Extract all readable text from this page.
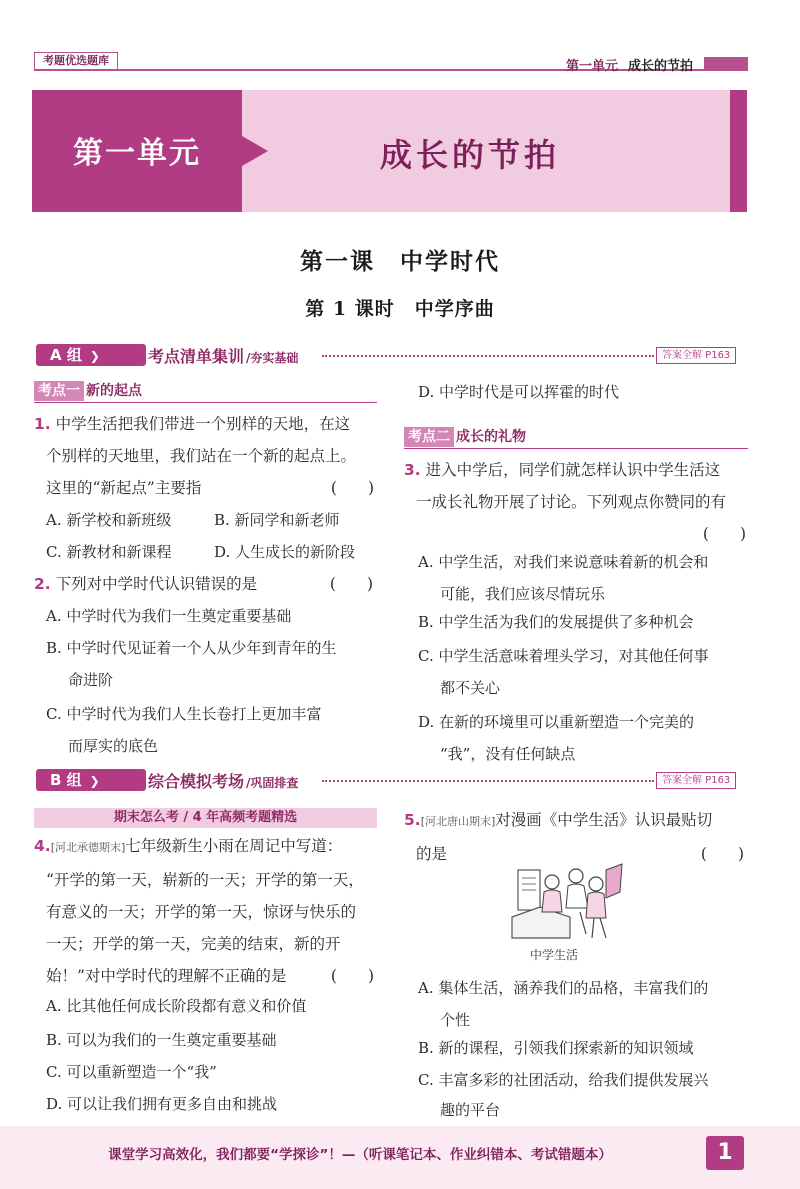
考题优选题库	第一单元 成长的节拍
第一单元	成长的节拍
第一课　中学时代
第 1 课时　中学序曲
A 组 ❯	考点清单集训 /夯实基础	答案全解 P163
考点一 新的起点
1. 中学生活把我们带进一个别样的天地，在这
个别样的天地里，我们站在一个新的起点上。
这里的“新起点”主要指	(　　)
A. 新学校和新班级	B. 新同学和新老师
C. 新教材和新课程	D. 人生成长的新阶段
2. 下列对中学时代认识错误的是	(　　)
A. 中学时代为我们一生奠定重要基础
B. 中学时代见证着一个人从少年到青年的生
命进阶
C. 中学时代为我们人生长卷打上更加丰富
而厚实的底色
D. 中学时代是可以挥霍的时代
考点二 成长的礼物
3. 进入中学后，同学们就怎样认识中学生活这
一成长礼物开展了讨论。下列观点你赞同的有
(　　)
A. 中学生活，对我们来说意味着新的机会和
可能，我们应该尽情玩乐
B. 中学生活为我们的发展提供了多种机会
C. 中学生活意味着埋头学习，对其他任何事
都不关心
D. 在新的环境里可以重新塑造一个完美的
“我”，没有任何缺点
B 组 ❯	综合模拟考场 /巩固排查	答案全解 P163
期末怎么考 / 4 年高频考题精选
4.[河北承德期末]七年级新生小雨在周记中写道：
“开学的第一天，崭新的一天；开学的第一天，
有意义的一天；开学的第一天，惊讶与快乐的
一天；开学的第一天，完美的结束，新的开
始！”对中学时代的理解不正确的是	(　　)
A. 比其他任何成长阶段都有意义和价值
B. 可以为我们的一生奠定重要基础
C. 可以重新塑造一个“我”
D. 可以让我们拥有更多自由和挑战
5.[河北唐山期末]对漫画《中学生活》认识最贴切
的是	(　　)
中学生活
A. 集体生活，涵养我们的品格，丰富我们的
个性
B. 新的课程，引领我们探索新的知识领域
C. 丰富多彩的社团活动，给我们提供发展兴
趣的平台
课堂学习高效化，我们都要“学探诊”！—（听课笔记本、作业纠错本、考试错题本）	1
